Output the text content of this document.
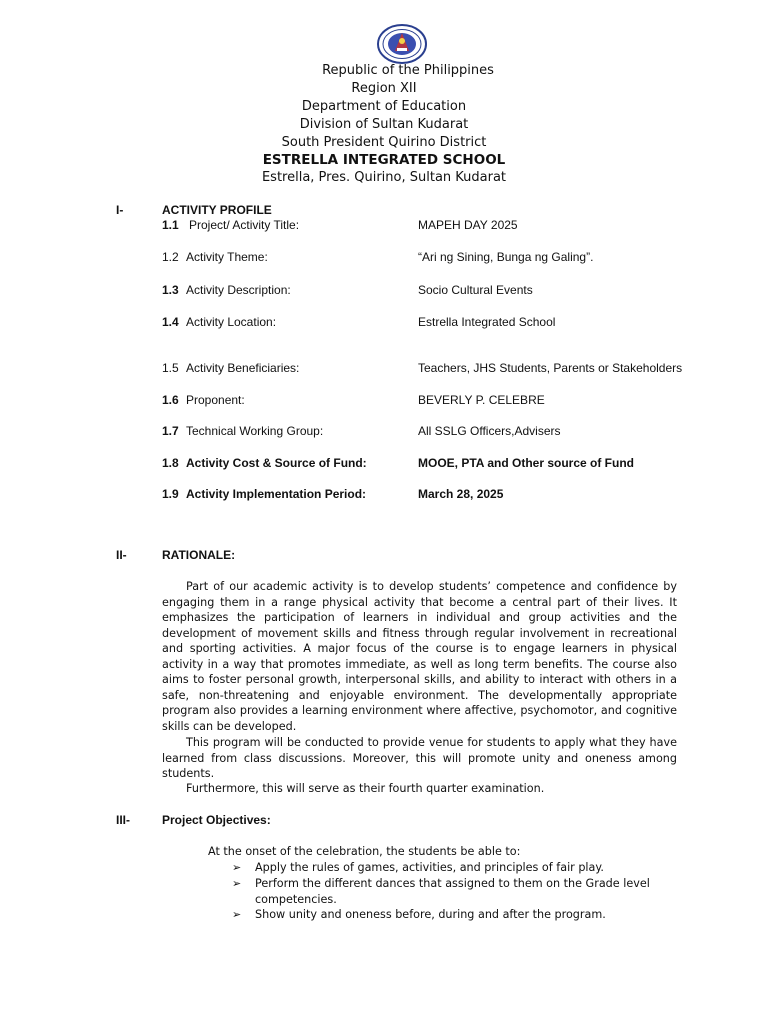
Republic of the Philippines
Region XII
Department of Education
Division of Sultan Kudarat
South President Quirino District
ESTRELLA INTEGRATED SCHOOL
Estrella, Pres. Quirino, Sultan Kudarat
I-	ACTIVITY PROFILE
1.1 Project/ Activity Title:	MAPEH DAY 2025
1.2 Activity Theme:	“Ari ng Sining, Bunga ng Galing”.
1.3 Activity Description:	Socio Cultural Events
1.4 Activity Location:	Estrella Integrated School
1.5 Activity Beneficiaries:	Teachers, JHS Students, Parents or Stakeholders
1.6 Proponent:	BEVERLY P. CELEBRE
1.7 Technical Working Group:	All SSLG Officers,Advisers
1.8 Activity Cost & Source of Fund:	MOOE, PTA and Other source of Fund
1.9 Activity Implementation Period:	March 28, 2025
II-	RATIONALE:
Part of our academic activity is to develop students’ competence and confidence by engaging them in a range physical activity that become a central part of their lives. It emphasizes the participation of learners in individual and group activities and the development of movement skills and fitness through regular involvement in recreational and sporting activities. A major focus of the course is to engage learners in physical activity in a way that promotes immediate, as well as long term benefits. The course also aims to foster personal growth, interpersonal skills, and ability to interact with others in a safe, non-threatening and enjoyable environment. The developmentally appropriate program also provides a learning environment where affective, psychomotor, and cognitive skills can be developed.
This program will be conducted to provide venue for students to apply what they have learned from class discussions. Moreover, this will promote unity and oneness among students.
Furthermore, this will serve as their fourth quarter examination.
III-	Project Objectives:
At the onset of the celebration, the students be able to:
➢ Apply the rules of games, activities, and principles of fair play.
➢ Perform the different dances that assigned to them on the Grade level competencies.
➢ Show unity and oneness before, during and after the program.
